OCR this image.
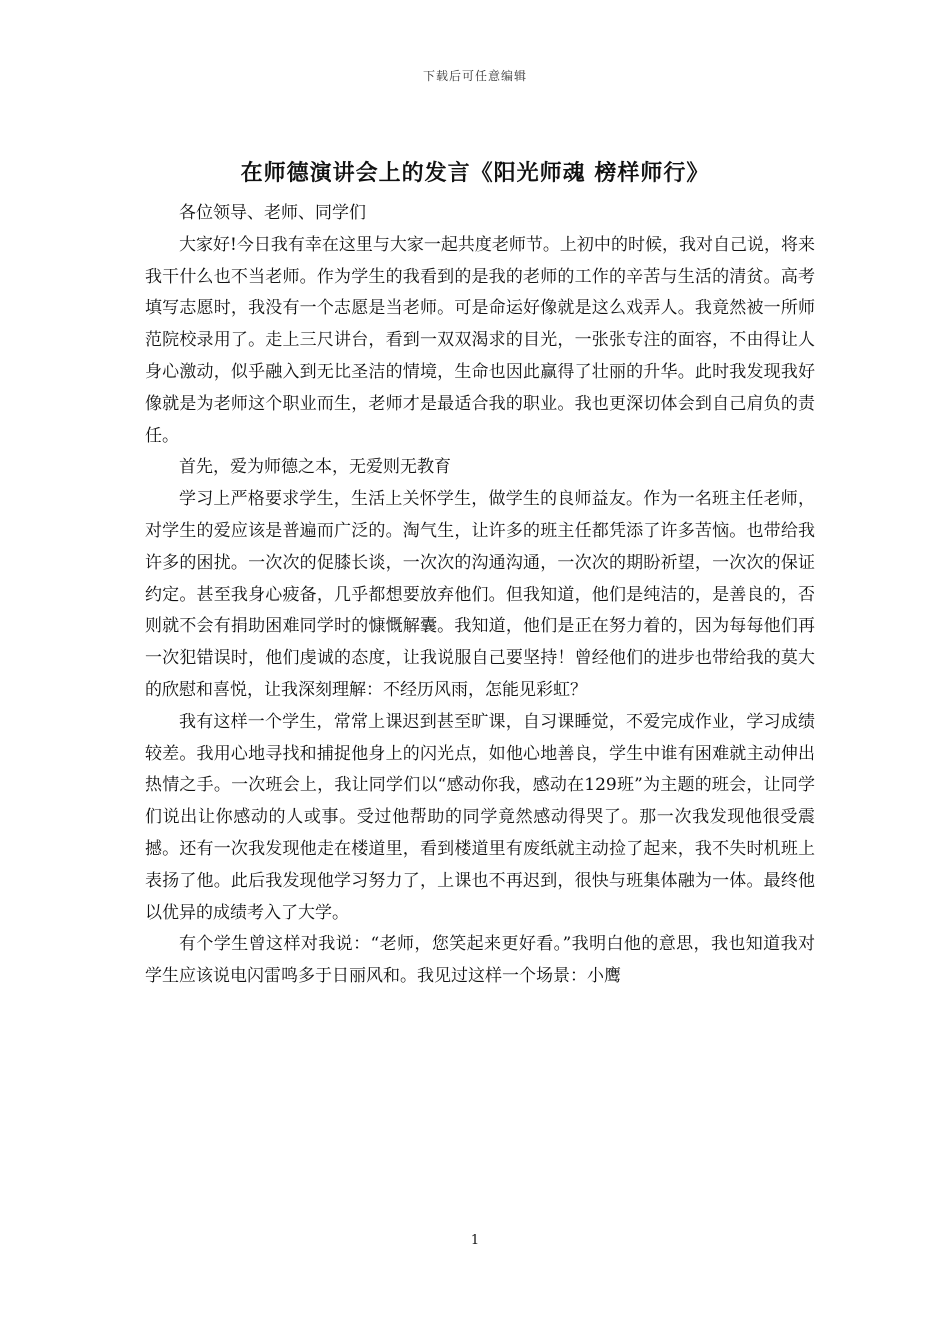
下载后可任意编辑
在师德演讲会上的发言《阳光师魂 榜样师行》

各位领导、老师、同学们

大家好!今日我有幸在这里与大家一起共度老师节。上初中的时候，我对自己说，将来我干什么也不当老师。作为学生的我看到的是我的老师的工作的辛苦与生活的清贫。高考填写志愿时，我没有一个志愿是当老师。可是命运好像就是这么戏弄人。我竟然被一所师范院校录用了。走上三尺讲台，看到一双双渴求的目光，一张张专注的面容，不由得让人身心激动，似乎融入到无比圣洁的情境，生命也因此赢得了壮丽的升华。此时我发现我好像就是为老师这个职业而生，老师才是最适合我的职业。我也更深切体会到自己肩负的责任。

首先，爱为师德之本，无爱则无教育

学习上严格要求学生，生活上关怀学生，做学生的良师益友。作为一名班主任老师，对学生的爱应该是普遍而广泛的。淘气生，让许多的班主任都凭添了许多苦恼。也带给我许多的困扰。一次次的促膝长谈，一次次的沟通沟通，一次次的期盼祈望，一次次的保证约定。甚至我身心疲备，几乎都想要放弃他们。但我知道，他们是纯洁的，是善良的，否则就不会有捐助困难同学时的慷慨解囊。我知道，他们是正在努力着的，因为每每他们再一次犯错误时，他们虔诚的态度，让我说服自己要坚持！曾经他们的进步也带给我的莫大的欣慰和喜悦，让我深刻理解：不经历风雨，怎能见彩虹？

我有这样一个学生，常常上课迟到甚至旷课，自习课睡觉，不爱完成作业，学习成绩较差。我用心地寻找和捕捉他身上的闪光点，如他心地善良，学生中谁有困难就主动伸出热情之手。一次班会上，我让同学们以“感动你我，感动在129班”为主题的班会，让同学们说出让你感动的人或事。受过他帮助的同学竟然感动得哭了。那一次我发现他很受震撼。还有一次我发现他走在楼道里，看到楼道里有废纸就主动捡了起来，我不失时机班上表扬了他。此后我发现他学习努力了，上课也不再迟到，很快与班集体融为一体。最终他以优异的成绩考入了大学。

有个学生曾这样对我说：“老师，您笑起来更好看。”我明白他的意思，我也知道我对学生应该说电闪雷鸣多于日丽风和。我见过这样一个场景：小鹰

1
